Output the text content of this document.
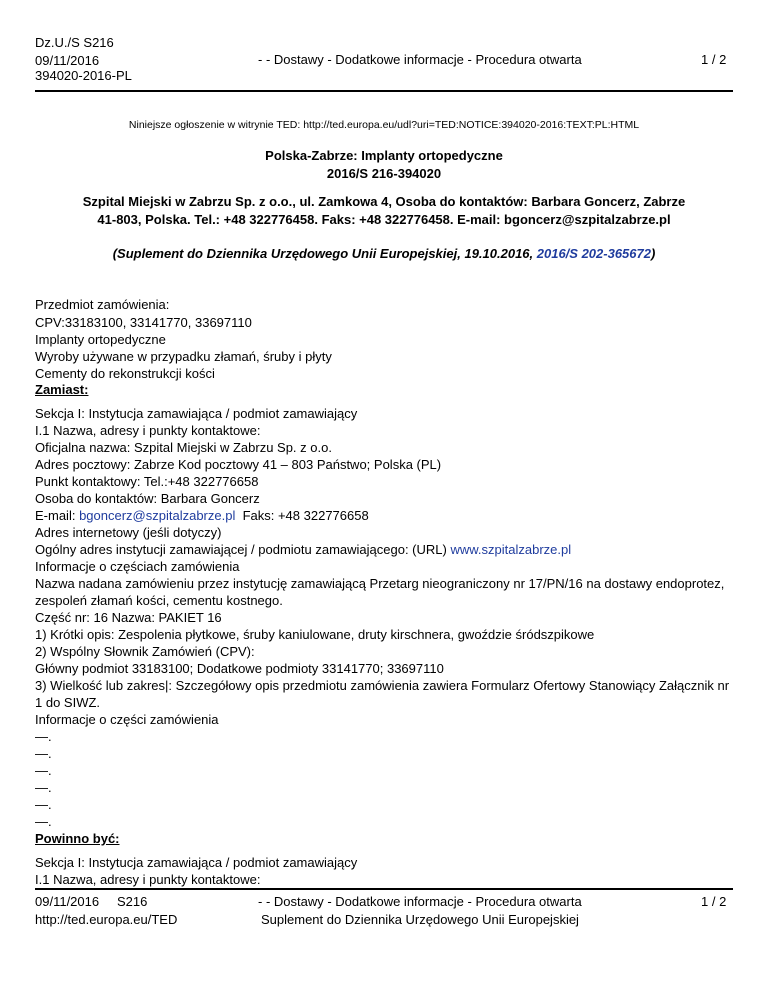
Dz.U./S S216
09/11/2016
394020-2016-PL
- - Dostawy - Dodatkowe informacje - Procedura otwarta	1 / 2
Niniejsze ogłoszenie w witrynie TED: http://ted.europa.eu/udl?uri=TED:NOTICE:394020-2016:TEXT:PL:HTML
Polska-Zabrze: Implanty ortopedyczne
2016/S 216-394020
Szpital Miejski w Zabrzu Sp. z o.o., ul. Zamkowa 4, Osoba do kontaktów: Barbara Goncerz, Zabrze
41-803, Polska. Tel.: +48 322776458. Faks: +48 322776458. E-mail: bgoncerz@szpitalzabrze.pl
(Suplement do Dziennika Urzędowego Unii Europejskiej, 19.10.2016, 2016/S 202-365672)
Przedmiot zamówienia:
CPV:33183100, 33141770, 33697110
Implanty ortopedyczne
Wyroby używane w przypadku złamań, śruby i płyty
Cementy do rekonstrukcji kości
Zamiast:
Sekcja I: Instytucja zamawiająca / podmiot zamawiający
I.1 Nazwa, adresy i punkty kontaktowe:
Oficjalna nazwa: Szpital Miejski w Zabrzu Sp. z o.o.
Adres pocztowy: Zabrze Kod pocztowy 41 – 803 Państwo; Polska (PL)
Punkt kontaktowy: Tel.:+48 322776658
Osoba do kontaktów: Barbara Goncerz
E-mail: bgoncerz@szpitalzabrze.pl  Faks: +48 322776658
Adres internetowy (jeśli dotyczy)
Ogólny adres instytucji zamawiającej / podmiotu zamawiającego: (URL) www.szpitalzabrze.pl
Informacje o częściach zamówienia
Nazwa nadana zamówieniu przez instytucję zamawiającą Przetarg nieograniczony nr 17/PN/16 na dostawy endoprotez,
zespoleń złamań kości, cementu kostnego.
Część nr: 16 Nazwa: PAKIET 16
1) Krótki opis: Zespolenia płytkowe, śruby kaniulowane, druty kirschnera, gwoździe śródszpikowe
2) Wspólny Słownik Zamówień (CPV):
Główny podmiot 33183100; Dodatkowe podmioty 33141770; 33697110
3) Wielkość lub zakres|: Szczegółowy opis przedmiotu zamówienia zawiera Formularz Ofertowy Stanowiący Załącznik nr
1 do SIWZ.
Informacje o części zamówienia
—.
—.
—.
—.
—.
—.
Powinno być:
Sekcja I: Instytucja zamawiająca / podmiot zamawiający
I.1 Nazwa, adresy i punkty kontaktowe:
09/11/2016 S216
http://ted.europa.eu/TED
- - Dostawy - Dodatkowe informacje - Procedura otwarta
Suplement do Dziennika Urzędowego Unii Europejskiej
1 / 2
